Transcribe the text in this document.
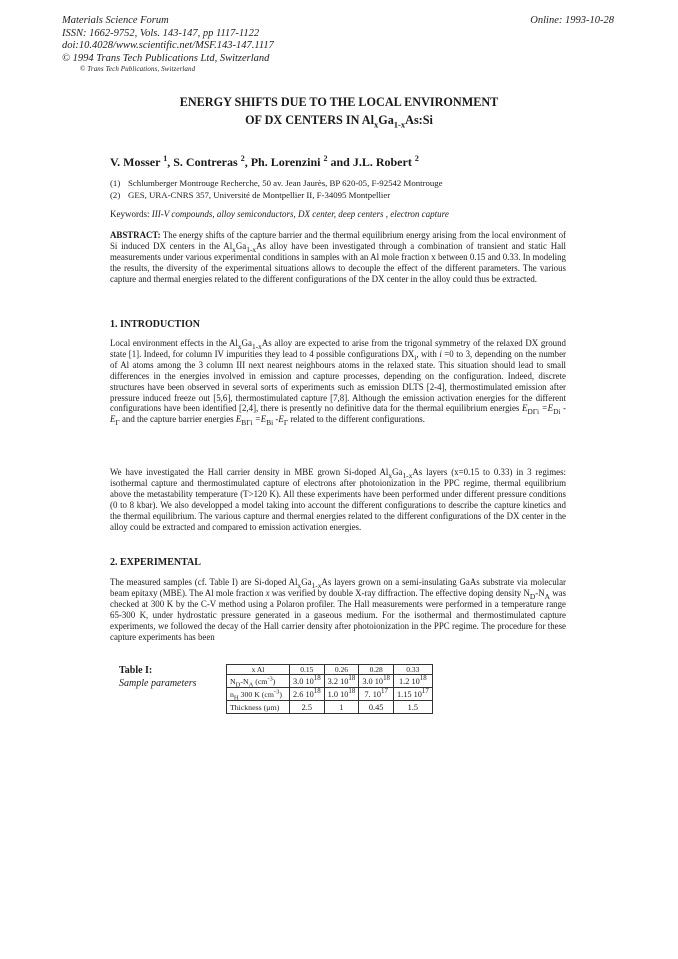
Materials Science Forum
ISSN: 1662-9752, Vols. 143-147, pp 1117-1122
doi:10.4028/www.scientific.net/MSF.143-147.1117
© 1994 Trans Tech Publications Ltd, Switzerland
© Trans Tech Publications, Switzerland
Online: 1993-10-28
ENERGY SHIFTS DUE TO THE LOCAL ENVIRONMENT
OF DX CENTERS IN $Al_xGa_{1-x}As:Si$
V. Mosser $^1$, S. Contreras $^2$, Ph. Lorenzini $^2$ and J.L. Robert $^2$
(1) Schlumberger Montrouge Recherche, 50 av. Jean Jaurès, BP 620-05, F-92542 Montrouge
(2) GES, URA-CNRS 357, Université de Montpellier II, F-34095 Montpellier
Keywords: III-V compounds, alloy semiconductors, DX center, deep centers , electron capture
ABSTRACT: The energy shifts of the capture barrier and the thermal equilibrium energy arising from the local environment of Si induced DX centers in the $Al_xGa_{1-x}As$ alloy have been investigated through a combination of transient and static Hall measurements under various experimental conditions in samples with an Al mole fraction x between 0.15 and 0.33. In modeling the results, the diversity of the experimental situations allows to decouple the effect of the different parameters. The various capture and thermal energies related to the different configurations of the DX center in the alloy could thus be extracted.
1. INTRODUCTION
Local environment effects in the $Al_xGa_{1-x}As$ alloy are expected to arise from the trigonal symmetry of the relaxed DX ground state [1]. Indeed, for column IV impurities they lead to 4 possible configurations $DX_i$, with i =0 to 3, depending on the number of Al atoms among the 3 column III next nearest neighbours atoms in the relaxed state. This situation should lead to small differences in the energies involved in emission and capture processes, depending on the configuration. Indeed, discrete structures have been observed in several sorts of experiments such as emission DLTS [2-4], thermostimulated emission after pressure induced freeze out [5,6], thermostimulated capture [7,8]. Although the emission activation energies for the different configurations have been identified [2,4], there is presently no definitive data for the thermal equilibrium energies $E_{D\Gamma i} =E_{Di}$ $-E_\Gamma$ and the capture barrier energies $E_{B\Gamma i} =E_{Bi}$ $-E_\Gamma$ related to the different configurations.
We have investigated the Hall carrier density in MBE grown Si-doped $Al_xGa_{1-x}As$ layers (x=0.15 to 0.33) in 3 regimes: isothermal capture and thermostimulated capture of electrons after photoionization in the PPC regime, thermal equilibrium above the metastability temperature (T>120 K). All these experiments have been performed under different pressure conditions (0 to 8 kbar). We also developped a model taking into account the different configurations to describe the capture kinetics and the thermal equilibrium. The various capture and thermal energies related to the different configurations of the DX center in the alloy could be extracted and compared to emission activation energies.
2. EXPERIMENTAL
The measured samples (cf. Table I) are Si-doped $Al_xGa_{1-x}As$ layers grown on a semi-insulating GaAs substrate via molecular beam epitaxy (MBE). The Al mole fraction x was verified by double X-ray diffraction. The effective doping density $N_D-N_A$ was checked at 300 K by the C-V method using a Polaron profiler. The Hall measurements were performed in a temperature range 65-300 K, under hydrostatic pressure generated in a gaseous medium. For the isothermal and thermostimulated capture experiments, we followed the decay of the Hall carrier density after photoionization in the PPC regime. The procedure for these capture experiments has been
Table I:
Sample parameters
x Al	0.15	0.26	0.28	0.33
$N_D-N_A$ $(cm^{-3})$	3.0 $10^{18}$	3.2 $10^{18}$	3.0 $10^{18}$	1.2 $10^{18}$
$n_H$ 300 K $(cm^{-3})$	2.6 $10^{18}$	1.0 $10^{18}$	7. $10^{17}$	1.15 $10^{17}$
Thickness (µm)	2.5	1	0.45	1.5
